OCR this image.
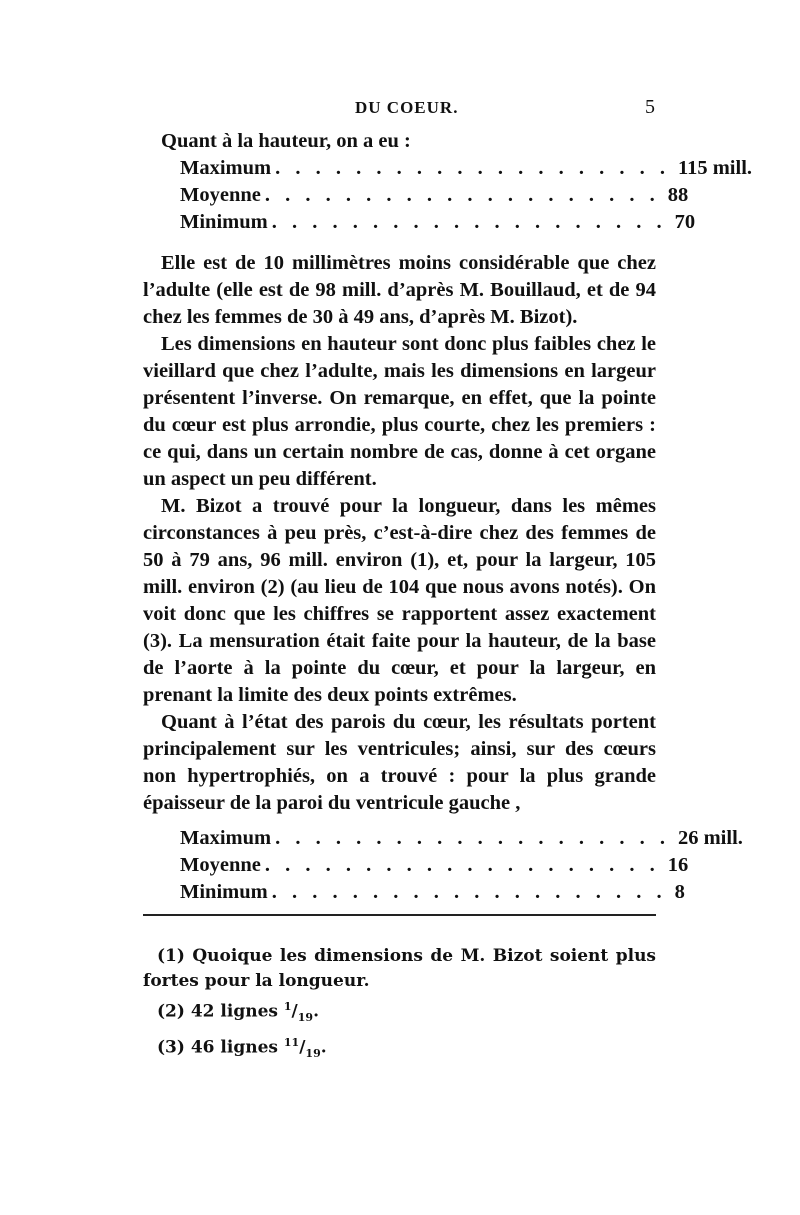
DU COEUR.	5

Quant à la hauteur, on a eu :

Maximum . . . . . . . . . . . . . . . . . . . . 115 mill.
Moyenne . . . . . . . . . . . . . . . . . . . . 88
Minimum . . . . . . . . . . . . . . . . . . . . 70

Elle est de 10 millimètres moins considérable que chez l’adulte (elle est de 98 mill. d’après M. Bouillaud, et de 94 chez les femmes de 30 à 49 ans, d’après M. Bizot).

Les dimensions en hauteur sont donc plus faibles chez le vieillard que chez l’adulte, mais les dimensions en largeur présentent l’inverse. On remarque, en effet, que la pointe du cœur est plus arrondie, plus courte, chez les premiers : ce qui, dans un certain nombre de cas, donne à cet organe un aspect un peu différent.

M. Bizot a trouvé pour la longueur, dans les mêmes circonstances à peu près, c’est-à-dire chez des femmes de 50 à 79 ans, 96 mill. environ (1), et, pour la largeur, 105 mill. environ (2) (au lieu de 104 que nous avons notés). On voit donc que les chiffres se rapportent assez exactement (3). La mensuration était faite pour la hauteur, de la base de l’aorte à la pointe du cœur, et pour la largeur, en prenant la limite des deux points extrêmes.

Quant à l’état des parois du cœur, les résultats portent principalement sur les ventricules; ainsi, sur des cœurs non hypertrophiés, on a trouvé : pour la plus grande épaisseur de la paroi du ventricule gauche ,

Maximum . . . . . . . . . . . . . . . . . . . . 26 mill.
Moyenne . . . . . . . . . . . . . . . . . . . . 16
Minimum . . . . . . . . . . . . . . . . . . . . 8

(1) Quoique les dimensions de M. Bizot soient plus fortes pour la longueur.

(2) 42 lignes $^1/_{19}$.

(3) 46 lignes $^{11}/_{19}$.
